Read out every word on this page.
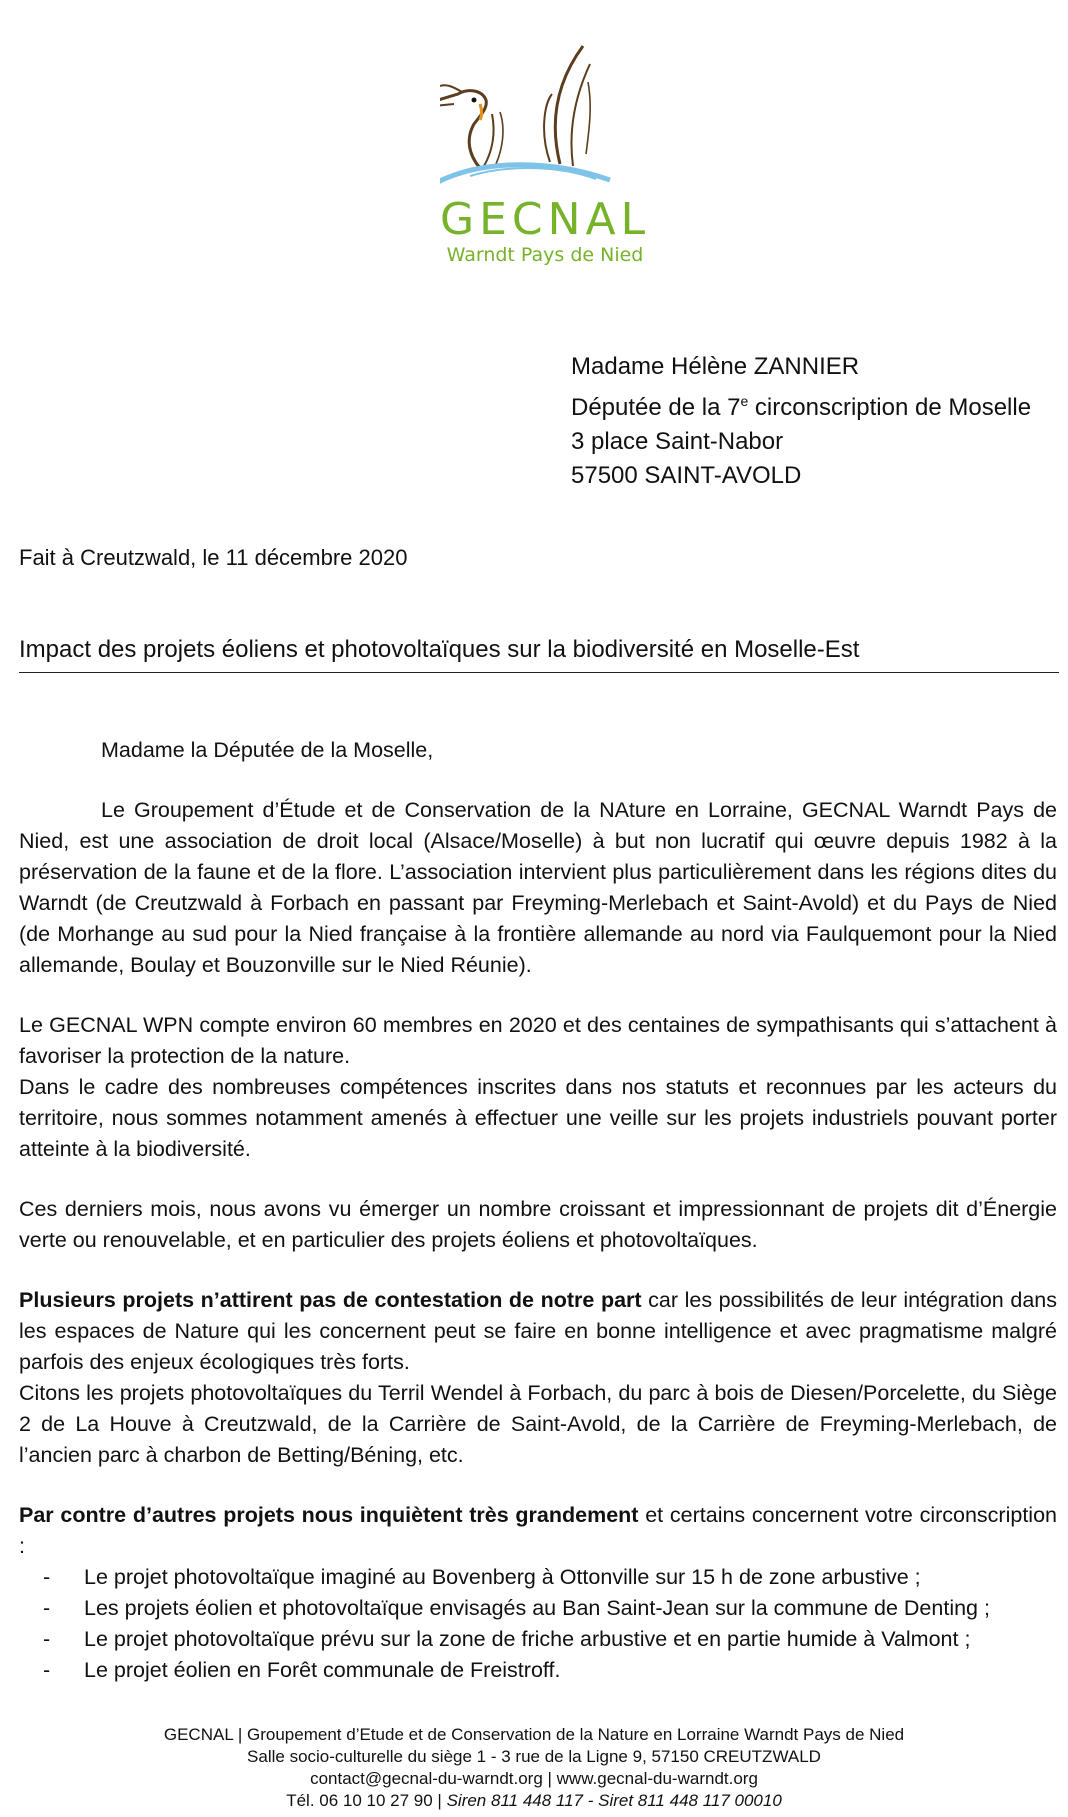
GECNAL
Warndt Pays de Nied
Madame Hélène ZANNIER
Députée de la 7e circonscription de Moselle
3 place Saint-Nabor
57500 SAINT-AVOLD
Fait à Creutzwald, le 11 décembre 2020
Impact des projets éoliens et photovoltaïques sur la biodiversité en Moselle-Est

Madame la Députée de la Moselle,

Le Groupement d’Étude et de Conservation de la NAture en Lorraine, GECNAL Warndt Pays de Nied, est une association de droit local (Alsace/Moselle) à but non lucratif qui œuvre depuis 1982 à la préservation de la faune et de la flore. L’association intervient plus particulièrement dans les régions dites du Warndt (de Creutzwald à Forbach en passant par Freyming-Merlebach et Saint-Avold) et du Pays de Nied (de Morhange au sud pour la Nied française à la frontière allemande au nord via Faulquemont pour la Nied allemande, Boulay et Bouzonville sur le Nied Réunie).

Le GECNAL WPN compte environ 60 membres en 2020 et des centaines de sympathisants qui s’attachent à favoriser la protection de la nature.

Dans le cadre des nombreuses compétences inscrites dans nos statuts et reconnues par les acteurs du territoire, nous sommes notamment amenés à effectuer une veille sur les projets industriels pouvant porter atteinte à la biodiversité.

Ces derniers mois, nous avons vu émerger un nombre croissant et impressionnant de projets dit d’Énergie verte ou renouvelable, et en particulier des projets éoliens et photovoltaïques.

Plusieurs projets n’attirent pas de contestation de notre part car les possibilités de leur intégration dans les espaces de Nature qui les concernent peut se faire en bonne intelligence et avec pragmatisme malgré parfois des enjeux écologiques très forts.

Citons les projets photovoltaïques du Terril Wendel à Forbach, du parc à bois de Diesen/Porcelette, du Siège 2 de La Houve à Creutzwald, de la Carrière de Saint-Avold, de la Carrière de Freyming-Merlebach, de l’ancien parc à charbon de Betting/Béning, etc.

Par contre d’autres projets nous inquiètent très grandement et certains concernent votre circonscription :

- Le projet photovoltaïque imaginé au Bovenberg à Ottonville sur 15 h de zone arbustive ;
- Les projets éolien et photovoltaïque envisagés au Ban Saint-Jean sur la commune de Denting ;
- Le projet photovoltaïque prévu sur la zone de friche arbustive et en partie humide à Valmont ;
- Le projet éolien en Forêt communale de Freistroff.
GECNAL | Groupement d’Etude et de Conservation de la Nature en Lorraine Warndt Pays de Nied
Salle socio-culturelle du siège 1 - 3 rue de la Ligne 9, 57150 CREUTZWALD
contact@gecnal-du-warndt.org | www.gecnal-du-warndt.org
Tél. 06 10 10 27 90 | Siren 811 448 117 - Siret 811 448 117 00010
